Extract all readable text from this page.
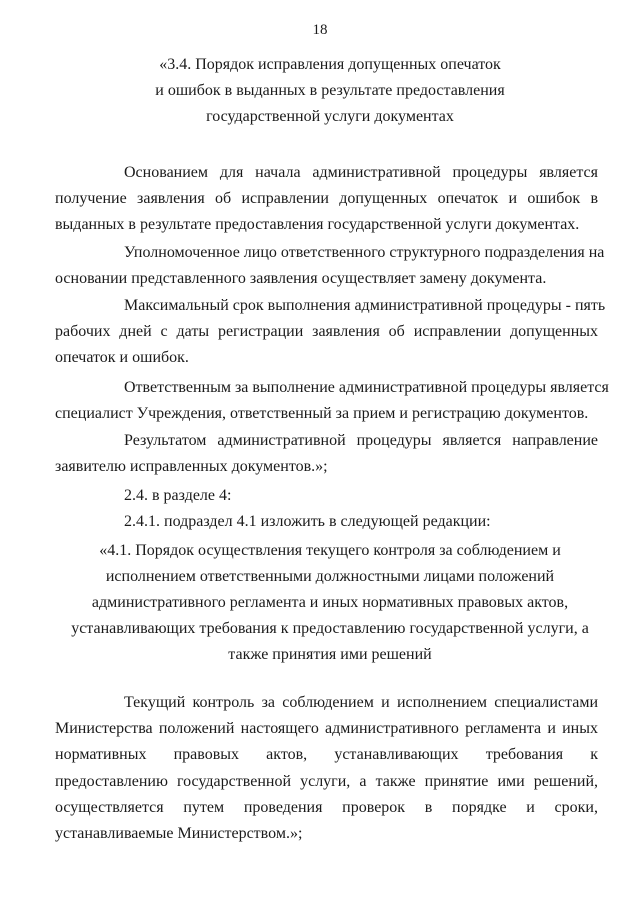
18
«3.4. Порядок исправления допущенных опечаток
и ошибок в выданных в результате предоставления
государственной услуги документах
Основанием для начала административной процедуры является
получение заявления об исправлении допущенных опечаток и ошибок в
выданных в результате предоставления государственной услуги документах.
Уполномоченное лицо ответственного структурного подразделения на
основании представленного заявления осуществляет замену документа.
Максимальный срок выполнения административной процедуры - пять
рабочих дней с даты регистрации заявления об исправлении допущенных
опечаток и ошибок.
Ответственным за выполнение административной процедуры является
специалист Учреждения, ответственный за прием и регистрацию документов.
Результатом административной процедуры является направление
заявителю исправленных документов.»;
2.4. в разделе 4:
2.4.1. подраздел 4.1 изложить в следующей редакции:
«4.1. Порядок осуществления текущего контроля за соблюдением и
исполнением ответственными должностными лицами положений
административного регламента и иных нормативных правовых актов,
устанавливающих требования к предоставлению государственной услуги, а
также принятия ими решений
Текущий контроль за соблюдением и исполнением специалистами
Министерства положений настоящего административного регламента и иных
нормативных правовых актов, устанавливающих требования к
предоставлению государственной услуги, а также принятие ими решений,
осуществляется путем проведения проверок в порядке и сроки,
устанавливаемые Министерством.»;
